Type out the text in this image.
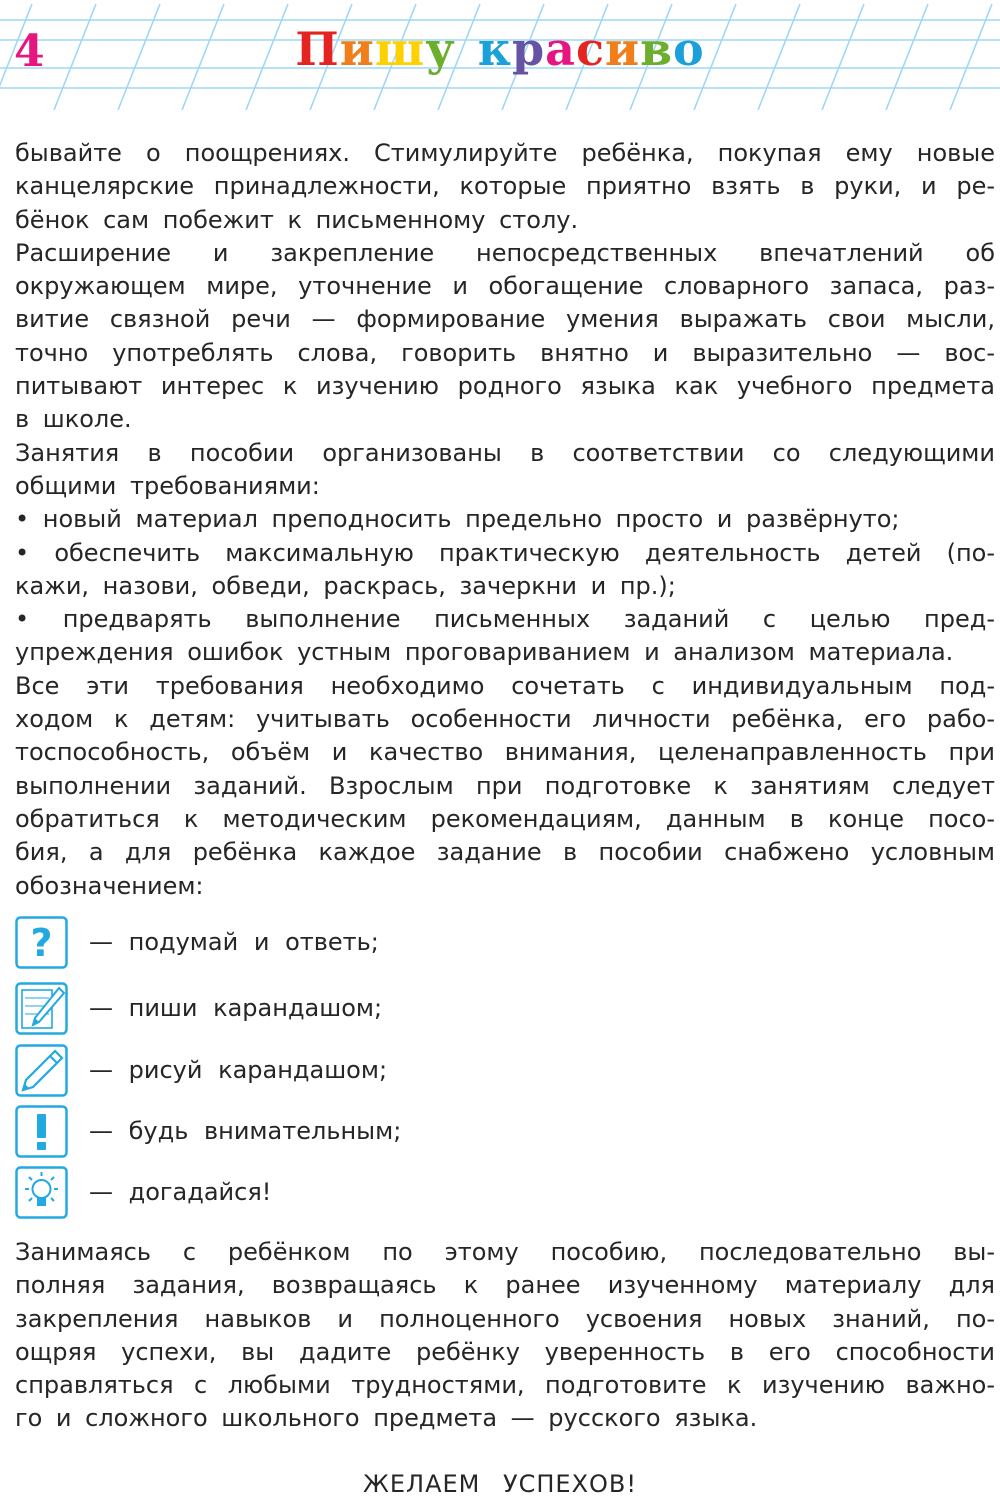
4	Пишу красиво
бывайте о поощрениях. Стимулируйте ребёнка, покупая ему новые
канцелярские принадлежности, которые приятно взять в руки, и ре-
бёнок сам побежит к письменному столу.
Расширение и закрепление непосредственных впечатлений об
окружающем мире, уточнение и обогащение словарного запаса, раз-
витие связной речи — формирование умения выражать свои мысли,
точно употреблять слова, говорить внятно и выразительно — вос-
питывают интерес к изучению родного языка как учебного предмета
в школе.
Занятия в пособии организованы в соответствии со следующими
общими требованиями:
• новый материал преподносить предельно просто и развёрнуто;
• обеспечить максимальную практическую деятельность детей (по-
кажи, назови, обведи, раскрась, зачеркни и пр.);
• предварять выполнение письменных заданий с целью пред-
упреждения ошибок устным проговариванием и анализом материала.
Все эти требования необходимо сочетать с индивидуальным под-
ходом к детям: учитывать особенности личности ребёнка, его рабо-
тоспособность, объём и качество внимания, целенаправленность при
выполнении заданий. Взрослым при подготовке к занятиям следует
обратиться к методическим рекомендациям, данным в конце посо-
бия, а для ребёнка каждое задание в пособии снабжено условным
обозначением:
? — подумай и ответь;
— пиши карандашом;
— рисуй карандашом;
— будь внимательным;
— догадайся!
Занимаясь с ребёнком по этому пособию, последовательно вы-
полняя задания, возвращаясь к ранее изученному материалу для
закрепления навыков и полноценного усвоения новых знаний, по-
ощряя успехи, вы дадите ребёнку уверенность в его способности
справляться с любыми трудностями, подготовите к изучению важно-
го и сложного школьного предмета — русского языка.
ЖЕЛАЕМ УСПЕХОВ!
